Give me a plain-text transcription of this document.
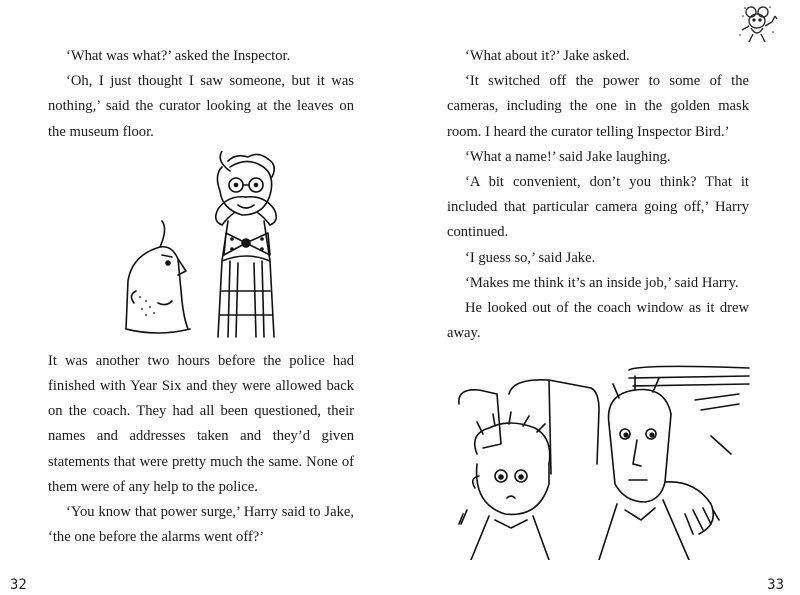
‘What was what?’ asked the Inspector.

‘Oh, I just thought I saw someone, but it was nothing,’ said the curator looking at the leaves on the museum floor.

It was another two hours before the police had finished with Year Six and they were allowed back on the coach. They had all been questioned, their names and addresses taken and they’d given statements that were pretty much the same. None of them were of any help to the police.

‘You know that power surge,’ Harry said to Jake, ‘the one before the alarms went off?’

‘What about it?’ Jake asked.

‘It switched off the power to some of the cameras, including the one in the golden mask room. I heard the curator telling Inspector Bird.’

‘What a name!’ said Jake laughing.

‘A bit convenient, don’t you think? That it included that particular camera going off,’ Harry continued.

‘I guess so,’ said Jake.

‘Makes me think it’s an inside job,’ said Harry.

He looked out of the coach window as it drew away.

32	33
